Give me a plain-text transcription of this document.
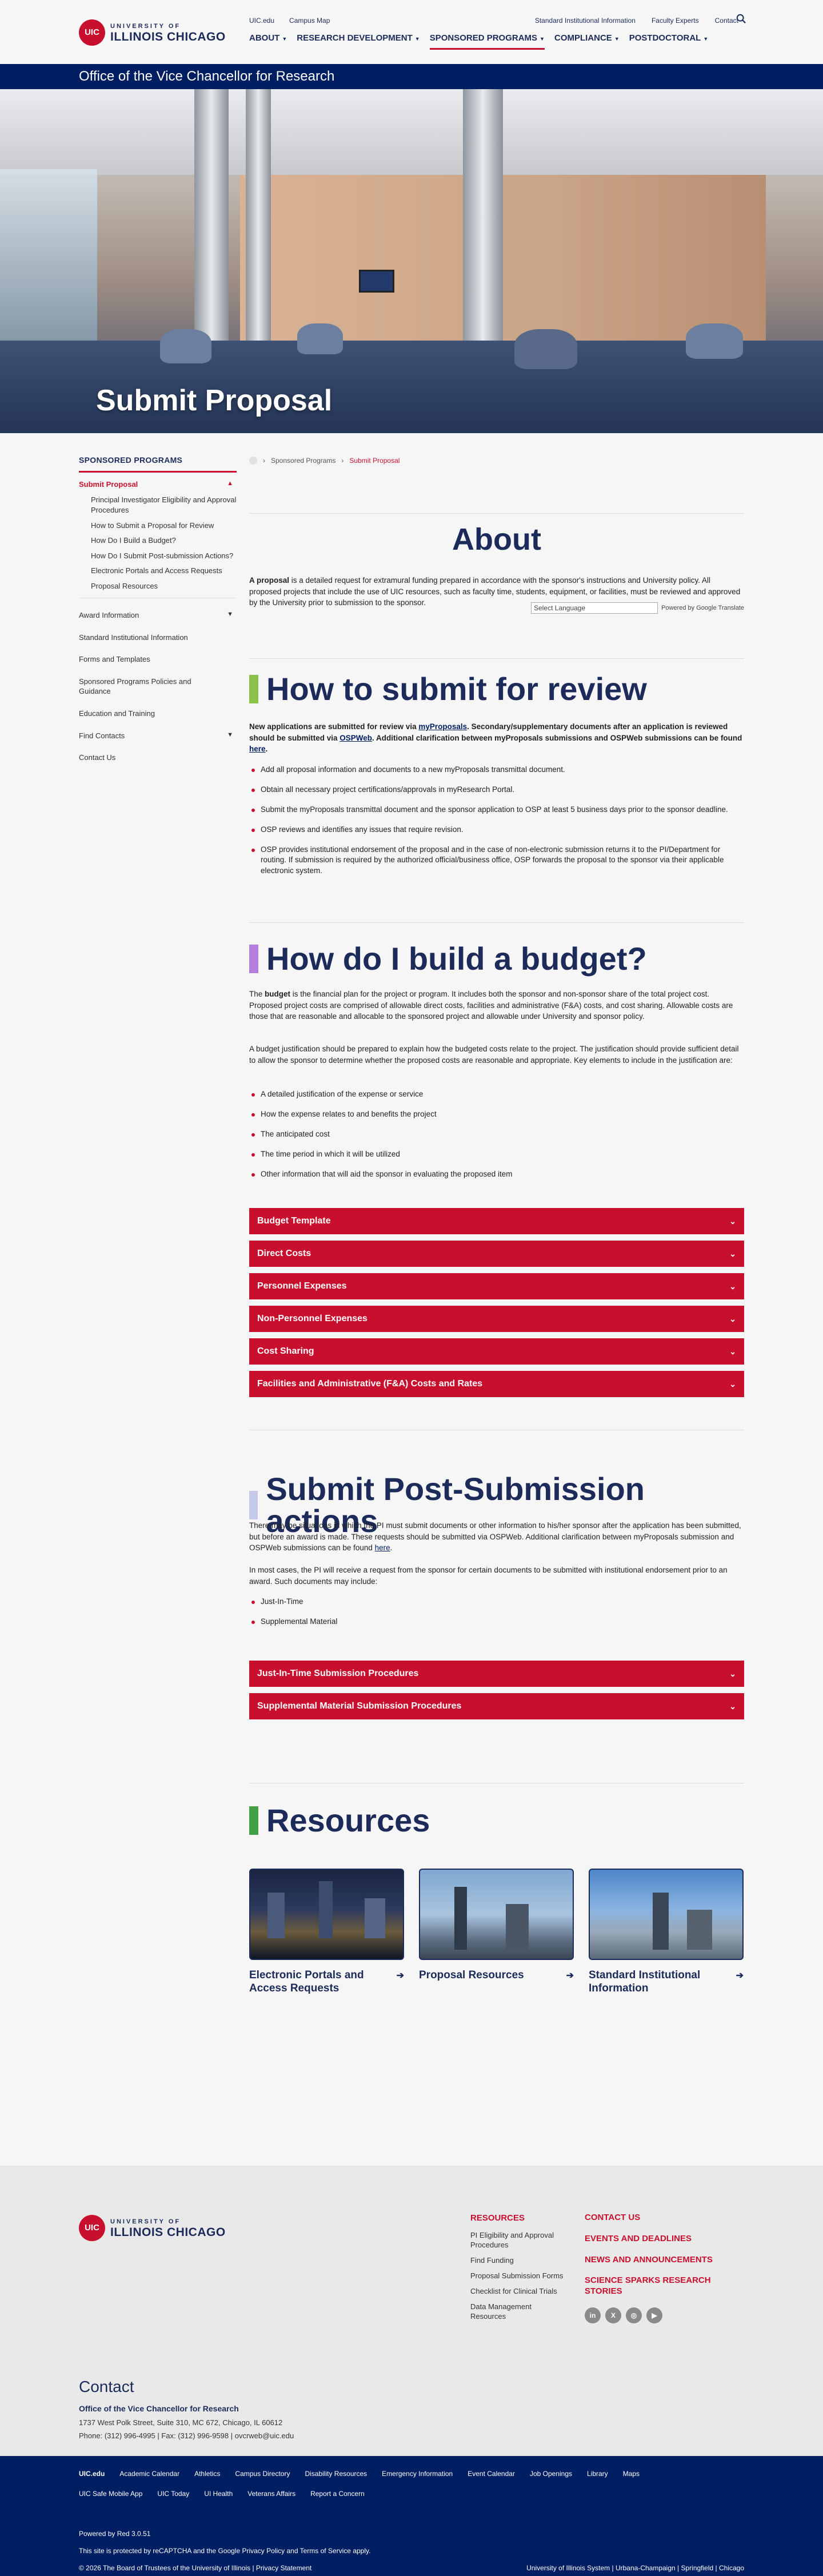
UIC
UNIVERSITY OF
ILLINOIS CHICAGO
UIC.edu Campus Map	Standard Institutional Information Faculty Experts Contact
ABOUT ▼ RESEARCH DEVELOPMENT ▼ SPONSORED PROGRAMS ▼ COMPLIANCE ▼ POSTDOCTORAL ▼
Office of the Vice Chancellor for Research
Submit Proposal
SPONSORED PROGRAMS
Submit Proposal	▲
Principal Investigator Eligibility and Approval Procedures
How to Submit a Proposal for Review
How Do I Build a Budget?
How Do I Submit Post-submission Actions?
Electronic Portals and Access Requests
Proposal Resources
Award Information	▼
Standard Institutional Information
Forms and Templates
Sponsored Programs Policies and Guidance
Education and Training
Find Contacts	▼
Contact Us
› Sponsored Programs › Submit Proposal
About

A proposal is a detailed request for extramural funding prepared in accordance with the sponsor's instructions and University policy. All proposed projects that include the use of UIC resources, such as faculty time, students, equipment, or facilities, must be reviewed and approved by the University prior to submission to the sponsor.

Select Language	Powered by Google Translate
How to submit for review

New applications are submitted for review via myProposals. Secondary/supplementary documents after an application is reviewed should be submitted via OSPWeb. Additional clarification between myProposals submissions and OSPWeb submissions can be found here.

Add all proposal information and documents to a new myProposals transmittal document.
Obtain all necessary project certifications/approvals in myResearch Portal.
Submit the myProposals transmittal document and the sponsor application to OSP at least 5 business days prior to the sponsor deadline.
OSP reviews and identifies any issues that require revision.
OSP provides institutional endorsement of the proposal and in the case of non-electronic submission returns it to the PI/Department for routing. If submission is required by the authorized official/business office, OSP forwards the proposal to the sponsor via their applicable electronic system.
How do I build a budget?

The budget is the financial plan for the project or program. It includes both the sponsor and non-sponsor share of the total project cost. Proposed project costs are comprised of allowable direct costs, facilities and administrative (F&A) costs, and cost sharing. Allowable costs are those that are reasonable and allocable to the sponsored project and allowable under University and sponsor policy.

A budget justification should be prepared to explain how the budgeted costs relate to the project. The justification should provide sufficient detail to allow the sponsor to determine whether the proposed costs are reasonable and appropriate. Key elements to include in the justification are:

A detailed justification of the expense or service
How the expense relates to and benefits the project
The anticipated cost
The time period in which it will be utilized
Other information that will aid the sponsor in evaluating the proposed item
Budget Template	⌄
Direct Costs	⌄
Personnel Expenses	⌄
Non-Personnel Expenses	⌄
Cost Sharing	⌄
Facilities and Administrative (F&A) Costs and Rates	⌄
Submit Post-Submission actions

There may be situations in which the PI must submit documents or other information to his/her sponsor after the application has been submitted, but before an award is made. These requests should be submitted via OSPWeb. Additional clarification between myProposals submission and OSPWeb submissions can be found here.

In most cases, the PI will receive a request from the sponsor for certain documents to be submitted with institutional endorsement prior to an award. Such documents may include:

Just-In-Time
Supplemental Material
Just-In-Time Submission Procedures	⌄
Supplemental Material Submission Procedures	⌄
Resources
Electronic Portals and Access Requests
➔ Proposal Resources	➔ Standard Institutional Information
➔
UIC
UNIVERSITY OF
ILLINOIS CHICAGO
RESOURCES
PI Eligibility and Approval Procedures
Find Funding
Proposal Submission Forms
Checklist for Clinical Trials
Data Management Resources
CONTACT US
EVENTS AND DEADLINES
NEWS AND ANNOUNCEMENTS
SCIENCE SPARKS RESEARCH STORIES
in	X	◎	▶
Contact
Office of the Vice Chancellor for Research
1737 West Polk Street, Suite 310, MC 672, Chicago, IL 60612
Phone: (312) 996-4995 | Fax: (312) 996-9598 | ovcrweb@uic.edu
UIC.edu Academic Calendar Athletics Campus Directory Disability Resources Emergency Information Event Calendar Job Openings Library Maps
UIC Safe Mobile App UIC Today UI Health Veterans Affairs Report a Concern
Powered by Red 3.0.51
This site is protected by reCAPTCHA and the Google Privacy Policy and Terms of Service apply.
© 2026 The Board of Trustees of the University of Illinois | Privacy Statement	University of Illinois System | Urbana-Champaign | Springfield | Chicago
